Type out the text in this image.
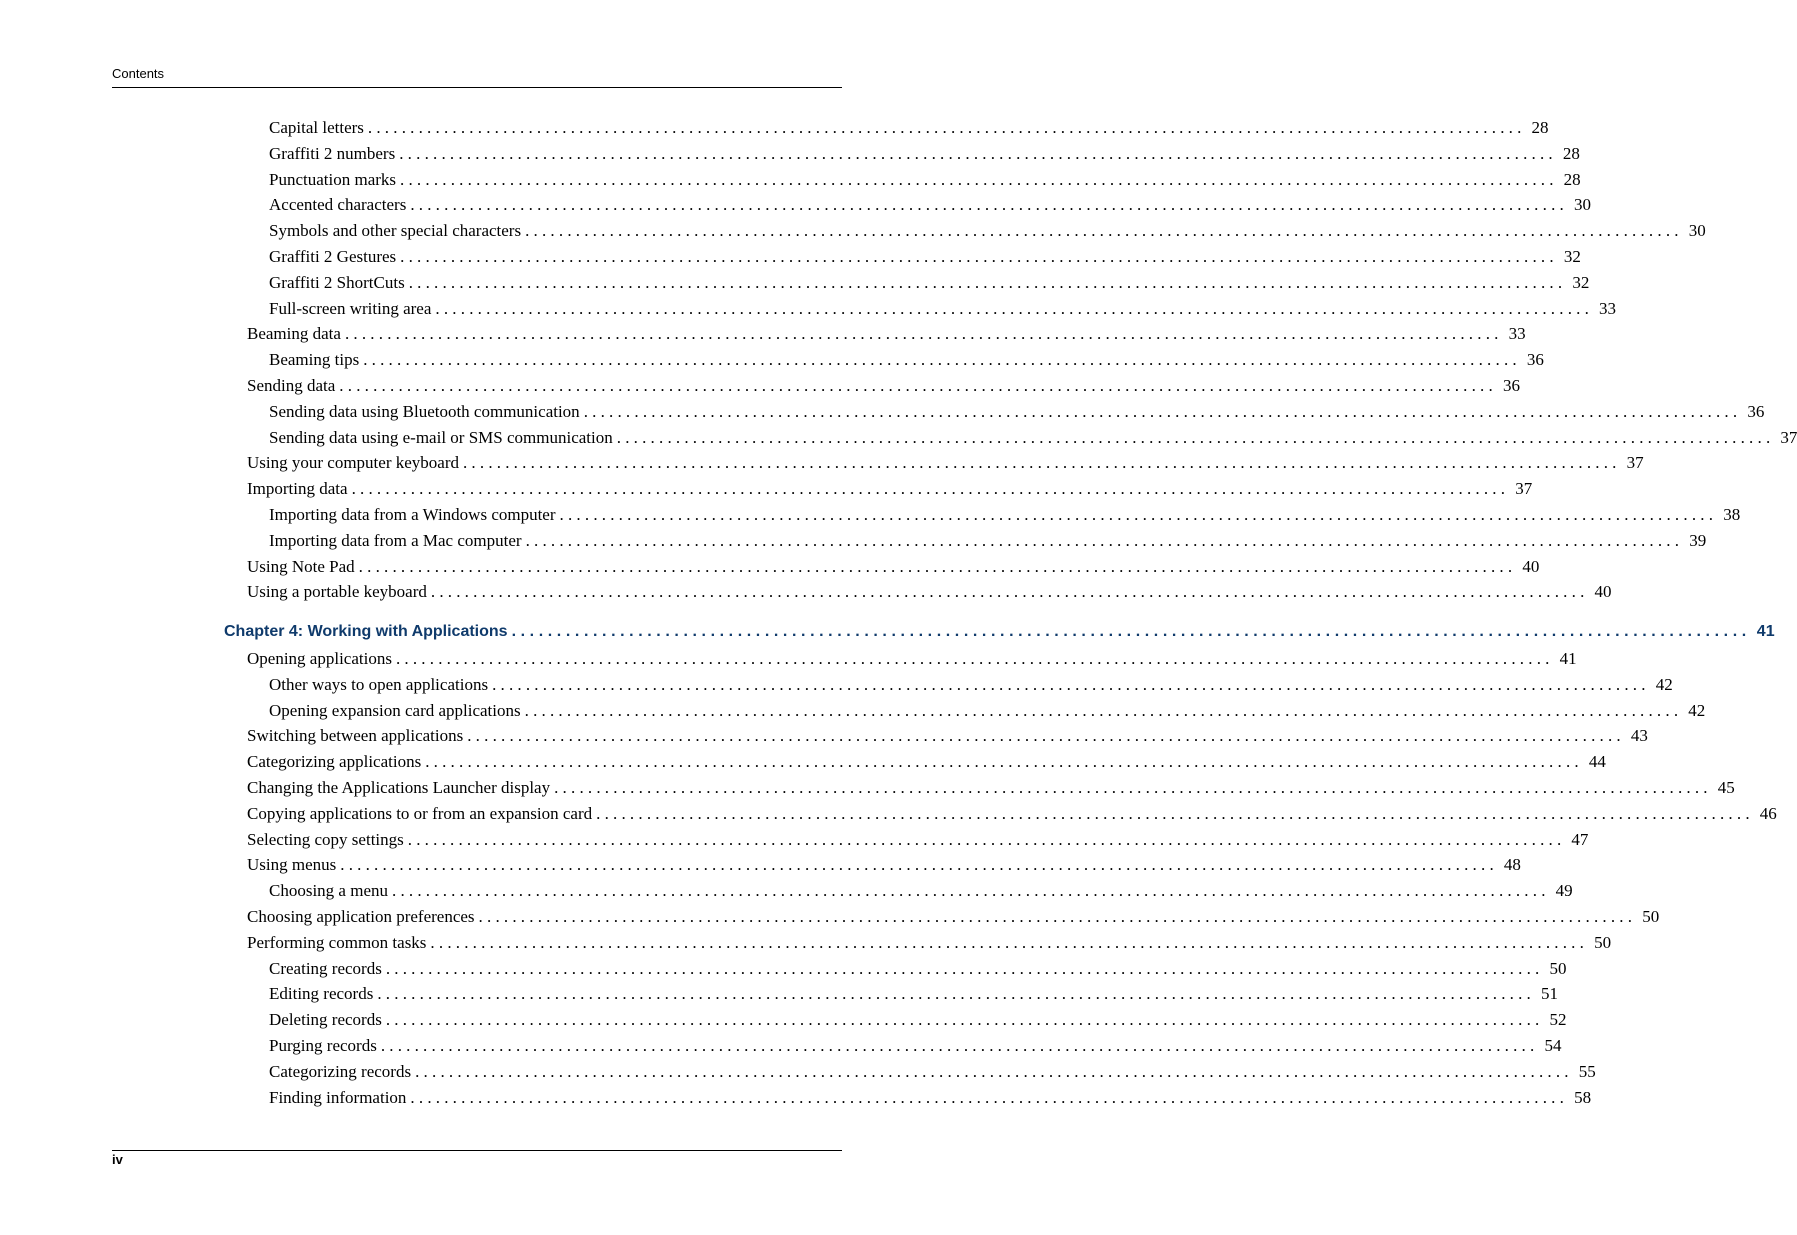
Contents
Capital letters ......................................................................................................................................... 28
Graffiti 2 numbers ......................................................................................................................................... 28
Punctuation marks ......................................................................................................................................... 28
Accented characters ......................................................................................................................................... 30
Symbols and other special characters ......................................................................................................................................... 30
Graffiti 2 Gestures ......................................................................................................................................... 32
Graffiti 2 ShortCuts ......................................................................................................................................... 32
Full-screen writing area ......................................................................................................................................... 33
Beaming data ......................................................................................................................................... 33
Beaming tips ......................................................................................................................................... 36
Sending data ......................................................................................................................................... 36
Sending data using Bluetooth communication ......................................................................................................................................... 36
Sending data using e-mail or SMS communication ......................................................................................................................................... 37
Using your computer keyboard ......................................................................................................................................... 37
Importing data ......................................................................................................................................... 37
Importing data from a Windows computer ......................................................................................................................................... 38
Importing data from a Mac computer ......................................................................................................................................... 39
Using Note Pad ......................................................................................................................................... 40
Using a portable keyboard ......................................................................................................................................... 40
Chapter 4: Working with Applications ......................................................................................................................................... 41
Opening applications ......................................................................................................................................... 41
Other ways to open applications ......................................................................................................................................... 42
Opening expansion card applications ......................................................................................................................................... 42
Switching between applications ......................................................................................................................................... 43
Categorizing applications ......................................................................................................................................... 44
Changing the Applications Launcher display ......................................................................................................................................... 45
Copying applications to or from an expansion card ......................................................................................................................................... 46
Selecting copy settings ......................................................................................................................................... 47
Using menus ......................................................................................................................................... 48
Choosing a menu ......................................................................................................................................... 49
Choosing application preferences ......................................................................................................................................... 50
Performing common tasks ......................................................................................................................................... 50
Creating records ......................................................................................................................................... 50
Editing records ......................................................................................................................................... 51
Deleting records ......................................................................................................................................... 52
Purging records ......................................................................................................................................... 54
Categorizing records ......................................................................................................................................... 55
Finding information ......................................................................................................................................... 58
iv
